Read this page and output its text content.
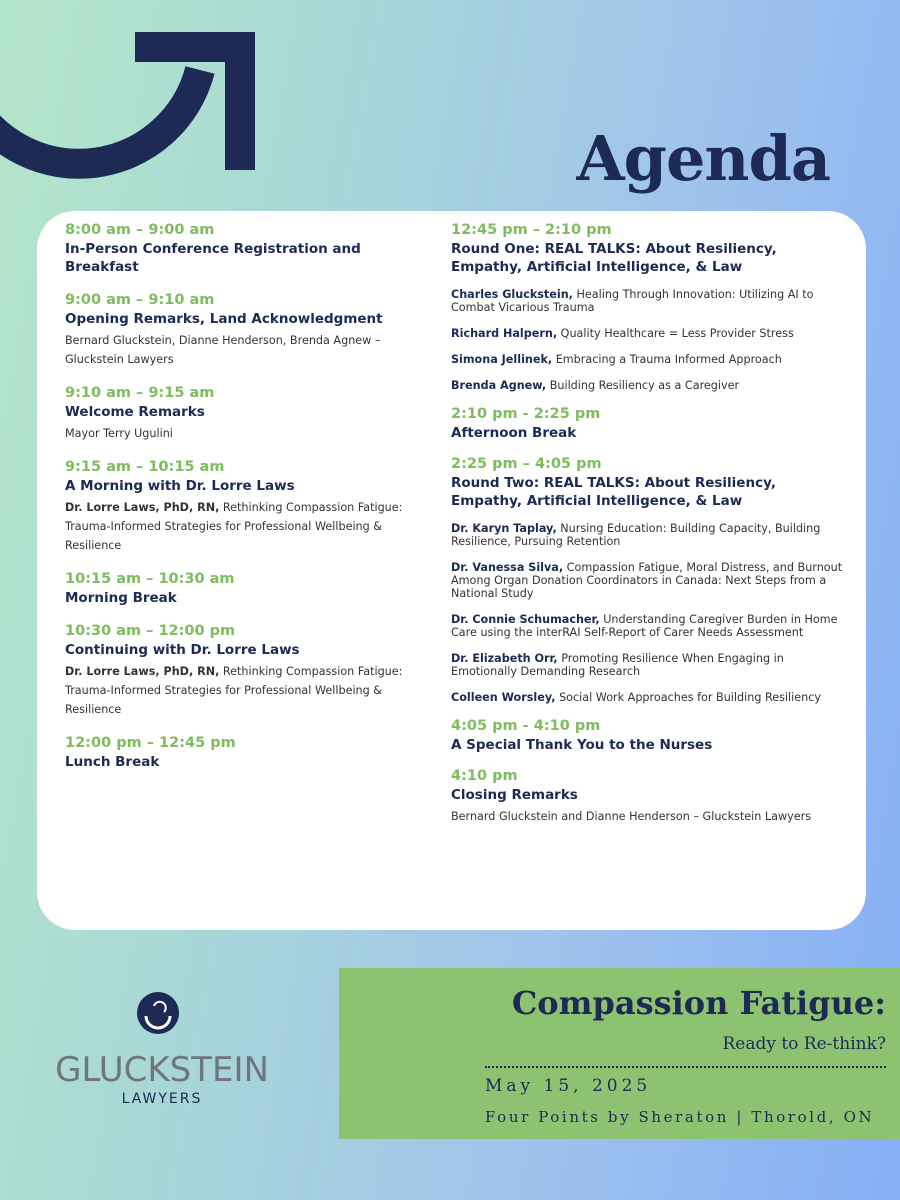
Agenda
8:00 am – 9:00 am
In-Person Conference Registration and Breakfast
9:00 am – 9:10 am
Opening Remarks, Land Acknowledgment
Bernard Gluckstein, Dianne Henderson, Brenda Agnew – Gluckstein Lawyers
9:10 am – 9:15 am
Welcome Remarks
Mayor Terry Ugulini
9:15 am – 10:15 am
A Morning with Dr. Lorre Laws
Dr. Lorre Laws, PhD, RN, Rethinking Compassion Fatigue: Trauma-Informed Strategies for Professional Wellbeing & Resilience
10:15 am – 10:30 am
Morning Break
10:30 am – 12:00 pm
Continuing with Dr. Lorre Laws
Dr. Lorre Laws, PhD, RN, Rethinking Compassion Fatigue: Trauma-Informed Strategies for Professional Wellbeing & Resilience
12:00 pm – 12:45 pm
Lunch Break
12:45 pm – 2:10 pm
Round One: REAL TALKS: About Resiliency, Empathy, Artificial Intelligence, & Law
Charles Gluckstein, Healing Through Innovation: Utilizing AI to Combat Vicarious Trauma
Richard Halpern, Quality Healthcare = Less Provider Stress
Simona Jellinek, Embracing a Trauma Informed Approach
Brenda Agnew, Building Resiliency as a Caregiver
2:10 pm - 2:25 pm
Afternoon Break
2:25 pm – 4:05 pm
Round Two: REAL TALKS: About Resiliency, Empathy, Artificial Intelligence, & Law
Dr. Karyn Taplay, Nursing Education: Building Capacity, Building Resilience, Pursuing Retention
Dr. Vanessa Silva, Compassion Fatigue, Moral Distress, and Burnout Among Organ Donation Coordinators in Canada: Next Steps from a National Study
Dr. Connie Schumacher, Understanding Caregiver Burden in Home Care using the interRAI Self-Report of Carer Needs Assessment
Dr. Elizabeth Orr, Promoting Resilience When Engaging in Emotionally Demanding Research
Colleen Worsley, Social Work Approaches for Building Resiliency
4:05 pm - 4:10 pm
A Special Thank You to the Nurses
4:10 pm
Closing Remarks
Bernard Gluckstein and Dianne Henderson – Gluckstein Lawyers
GLUCKSTEIN
LAWYERS
Compassion Fatigue:
Ready to Re-think?
May 15, 2025
Four Points by Sheraton | Thorold, ON
